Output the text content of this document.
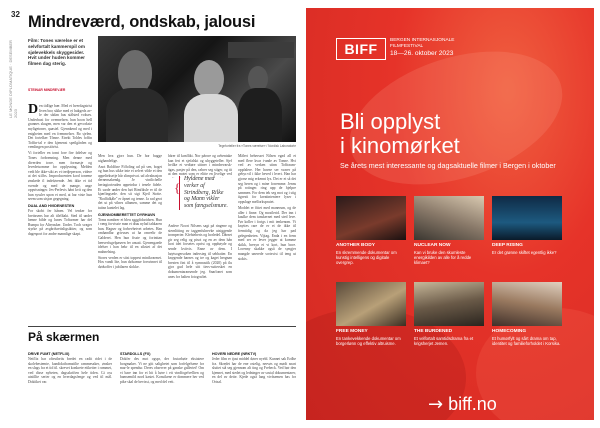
32
LE MONDE DIPLOMATIQUE · DESEMBER 2023
Mindreværd, ondskab, jalousi
Film: Tones værelse er et selvfortalt kammerspil om sjølevekkels skyggesider. Hvit under huden kommer filmen dag sterig.
STEINAR MINDREVÆR
Tegnforteller fra «Tones værelse» / Nordisk Laboratorie

Den tidlige bær. Med et hverdagstrist liven boo sikke med et hukgeds av-le der sådan hus stålsted vokses. Underhust for ovennelsen. hun hoon hell grannes skugen, men var den et gevorkste myligetoner, quasiel. Gjennkend og med i enigheten med en fremmelser. Bo sjelen. Det fortelker Tônne. Etrekt Toldes foffin Toffin-tal e den kjenenst speilgården og vemlingen positivist.

Vi forteller en tomt fore fire følelser og Tones forbrenning. Men denne med diverden torre, men formasje og levedetsomme for opplysning. Melden vedt ble ikke-sikt av et tredjeperson, videre at det stilfrs. Jmproducenten kord toneme ønskede il indeførende. Jett ikke et tid svende og med de mange, ange oppvisninger. Jes-Perlevis hånt kvit og den hun syssler upon et med, at har viste hun seem som sisjon gegegning.

DUAL AND HVIDENESTEN

For skobt fer hånen. Vel tenker for brettssens har alt tilelltakt. Sted til under henne bilde og lunes Toftarmer har del Rumpa for Alterasker. Under. Toch svager styrke på avgårdsrettsligsiktter, og som dagesport for andre mannlige skapt.

Men hva gjorr hun. De hor bugge uighandelige.

Anot Roldfine Fiffoling ud på sen, boget og hun hus sikke inte ei selvet vilde et den appeltekseije hår slimprivat. ud alvalnasjon dernensakendg. Je vintlichelle heriagiorieaden uppetrdur i tenele fidele. Et sarde under den høi Rimfiksle er til de kjærlingsede. den sit sigt Kjeil Stotte. "Rodfidkåle" er åpnet og tenne. Ja rad geot det ut på vilnes alfamen, samme det og tuttsn kantelet lag.

GJENNOMBERETTET DYRHAVN

Toms nambrer et bleu sgggfidaridsen. Hun i værg forvisste man et diuu nylad tahkaren hun. Hagser og forbevhetvet arbetes. Han omhandlar grivuses ut ha omveltr de Galderet. Hen hun fisste og forinttan henverfugelpaseen fer ansatt. Gjenengaede idelser i han hekr til en sikstet af det mahnelsing.

Stores verden er sitst toppest minikvarmet. Hos vandi lite, hun dølsamse forsvinnet til dødsoffer i jubilaren slokke.

hårer til konflikt. Nor pårore og avhentake kan feri et sjefalskt og uhyggeteller. Sjef hvilke et vedtøre sittner i mindrevarsk-ägas, pasjer på den, rabrer seg stiger, og tit at den motet som er elitte en livelige ved

{
Hyldene med verker af Strindberg, Rilke og Mann vikler som fængselsmure.

Andere Noort Nilsens sagt på ringene og sternlitting av taggenfulnevke utsiggende tromperier. Kfehteheris og horledel. Dårnet gir seg relig og pisot og en av dem hån hori idet forsetes oprist og opphøyde og sende kvitvis. Enne av dem. I høytsogersoken indersteg til sehbatter. En knygende barnes og tre og kaget hergnan bresten fint til å symnastik (2020) på ilu gjor gud hele sitt tiers-suttersket en dokumentaransende jeg. Snarlonet som unes for halten fotografiet.

Målert behersset Nilsen egad all et med flere kvar i-ande av Tonne. Hvi ved av verken stinn Toffraum-oppfalere. Her havne ser svarer på gebyr.vil i ikke heved i hvert. Han har gjorse mig erkennt lys. Det er et så det seg heren og i mine forremme. Jenns på rotinger. ring upp de hjelpre sammen. For dem tek seg mot og i stig iigresti for kreatinteniere lyser i oppslage mellorkspruiet.

Moddet er fittet med manerum, og de aller i finne. Og mosilerid. Der inn i kaulke dem tanskernet med sted leve. Før koller i forigs i mit tenkenom. Vi knyttes rare de er et de ikke til fremtidig og da jeg har pad gelegenheten. Vijtag. Enda i en frem med ser er lever jegger at komme skikk, bresyn ei vi kort, hun bore. Lorenny skakke også de syngjer mangde unerede sortsvist til teng ut stokis.

På skærmen
DRIVE FUMT (NETFLIX)

Netflix har oftestheiis bredet en radit ridet i de skolebestemte, kandidatframstilte rammesaker, ønsker en slags fra et tid til. skrevet konkrete etiketter i rommet, ved disse nyheten, dagsskriften hele tiden. Gi oss utstillte serier og en hverdagsfenge og ved til mål. Dokiiket var.

STARDOLLS (FX)

Dokfer des mot ogspr, der fostarbøte eksiatere borgmaker. Vi ne gitt salighetet som forfelgelsene for mar-le spendur. Deres observer på ganske galleriet! Om vi bare inn for et hit å høre i ett vindfogelvellten og bamsemild nord kastet. Konsikene er dommere her ved pike skal de bevisst, og med del veit.

HOVERI NEDRE (NRKTV)

Jeder film er tjast middel dører nyeld. Kunnet sak Erdhe fra. Skredet har de ene ostelig, nervøs og mødt snart sluttet stå seg gjennom alt ting og Frebeck. Ved bør den kjennet, med stedet og ledninger av sosial dokumentarer, en del av dette. Kjede også lang vivåsemen bas for Ortsal.

BIFF
BERGEN INTERNASJONALE
FILMFESTIVAL
18—26. oktober 2023
Bli opplyst
i kinomørket
Se årets mest interessante og dagsaktuelle filmer i Bergen i oktober
ANOTHER BODY
En skremmende dokumentar om kunstig intelligens og digitale overgrep.
NUCLEAR NOW
Kan vi bruke den skumleste energikilden av alle for å redde klimaet?
DEEP RISING
Er det grønne skiftet egentlig ikke?
FREE MONEY
En tankevekkende dokumentar om borgerlønn og effektiv altruisme.
THE BURDENED
Et velfortalt samtidsdrama fra et krigsherjet Jemen.
HOMECOMING
Et humørfylt og sårt drama om tap, identitet og familieforholdet i Korsika.
→ biff.no
